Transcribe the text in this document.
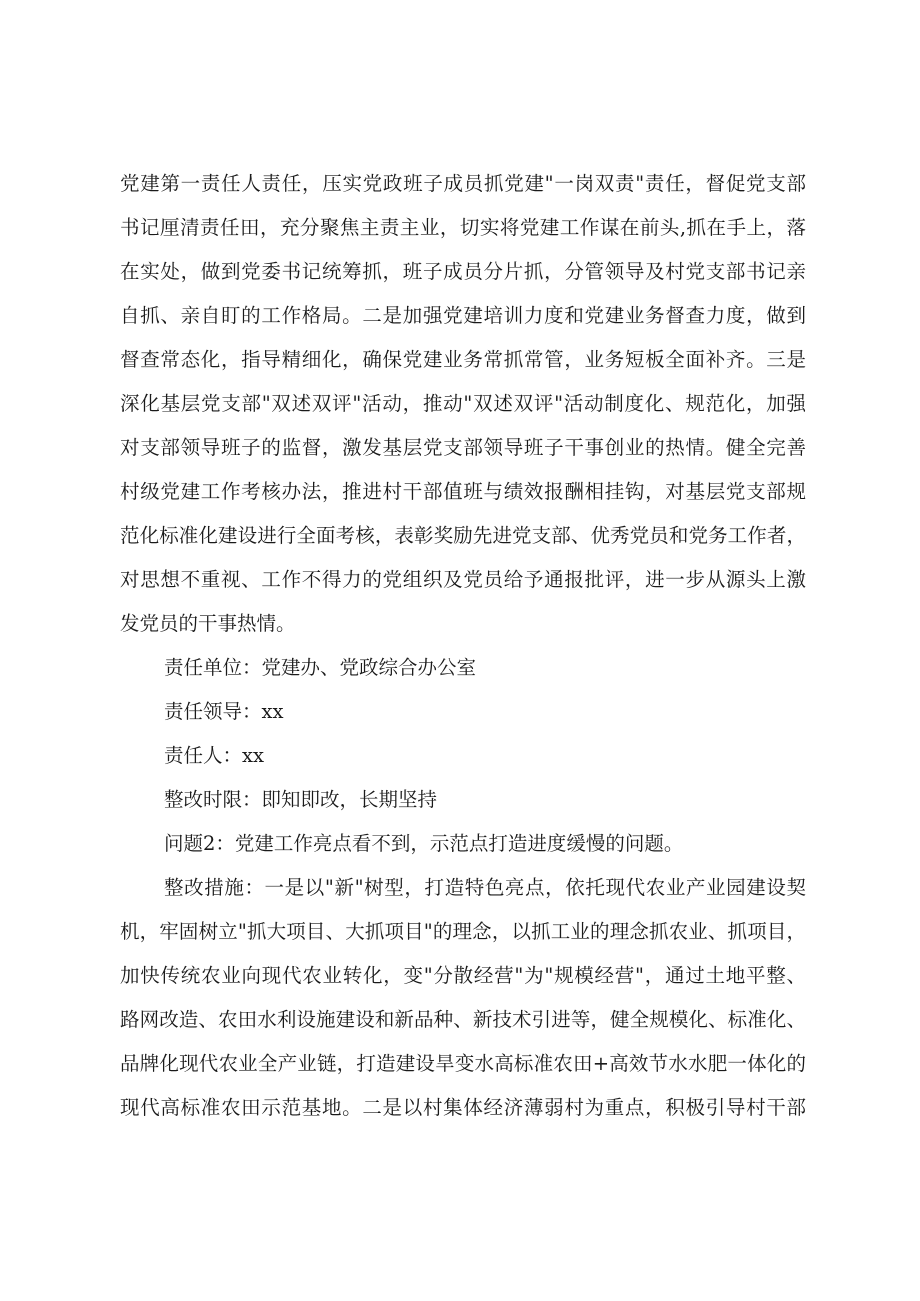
党建第一责任人责任，压实党政班子成员抓党建"一岗双责"责任，督促党支部
书记厘清责任田，充分聚焦主责主业，切实将党建工作谋在前头,抓在手上，落
在实处，做到党委书记统筹抓，班子成员分片抓，分管领导及村党支部书记亲
自抓、亲自盯的工作格局。二是加强党建培训力度和党建业务督查力度，做到
督查常态化，指导精细化，确保党建业务常抓常管，业务短板全面补齐。三是
深化基层党支部"双述双评"活动，推动"双述双评"活动制度化、规范化，加强
对支部领导班子的监督，激发基层党支部领导班子干事创业的热情。健全完善
村级党建工作考核办法，推进村干部值班与绩效报酬相挂钩，对基层党支部规
范化标准化建设进行全面考核，表彰奖励先进党支部、优秀党员和党务工作者，
对思想不重视、工作不得力的党组织及党员给予通报批评，进一步从源头上激
发党员的干事热情。
责任单位：党建办、党政综合办公室
责任领导：xx
责任人：xx
整改时限：即知即改，长期坚持
问题2：党建工作亮点看不到，示范点打造进度缓慢的问题。
整改措施：一是以"新"树型，打造特色亮点，依托现代农业产业园建设契
机，牢固树立"抓大项目、大抓项目"的理念，以抓工业的理念抓农业、抓项目，
加快传统农业向现代农业转化，变"分散经营"为"规模经营"，通过土地平整、
路网改造、农田水利设施建设和新品种、新技术引进等，健全规模化、标准化、
品牌化现代农业全产业链，打造建设旱变水高标准农田+高效节水水肥一体化的
现代高标准农田示范基地。二是以村集体经济薄弱村为重点，积极引导村干部
